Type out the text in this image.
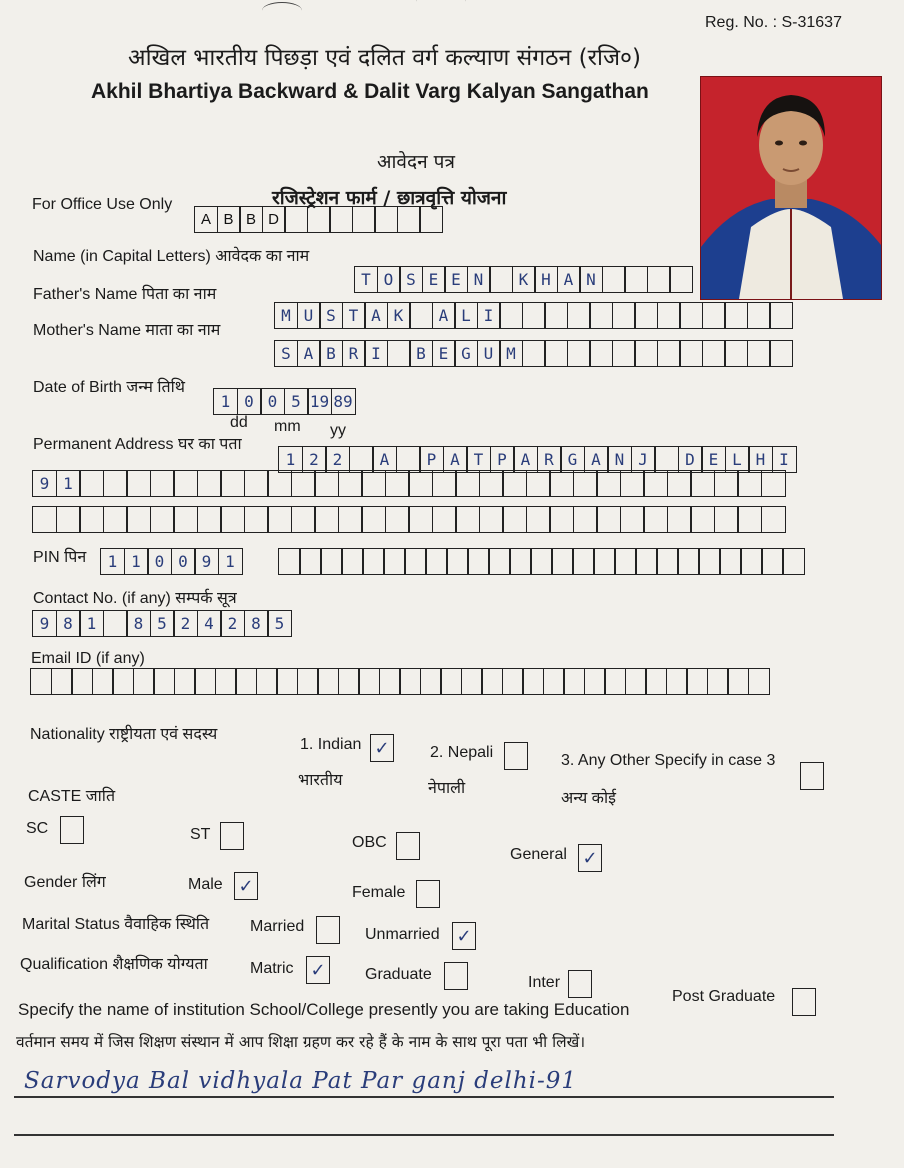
Reg. No. : S-31637
अखिल भारतीय पिछड़ा एवं दलित वर्ग कल्याण संगठन (रजि०)
Akhil Bhartiya Backward & Dalit Varg Kalyan Sangathan
आवेदन पत्र
रजिस्ट्रेशन फार्म / छात्रवृत्ति योजना
For Office Use Only
A B B D
Name (in Capital Letters) आवेदक का नाम
T O S E E N	K H A N
Father's Name पिता का नाम
M U S T A K	A L I
Mother's Name माता का नाम
S A B R I	B E G U M
Date of Birth जन्म तिथि
1 0 0 5 19 89
dd mm yy
Permanent Address घर का पता
1 2 2	A	P A T P A R G A N J	D E L H I
9 1
PIN पिन	1 1 0 0 9 1
Contact No. (if any) सम्पर्क सूत्र
9 8 1	8 5 2 4 2 8 5
Email ID (if any)
Nationality राष्ट्रीयता एवं सदस्य
1. Indian ✓
भारतीय
2. Nepali
नेपाली
3. Any Other Specify in case 3
अन्य कोई
CASTE जाति
SC	ST	OBC
General ✓
Gender लिंग	Male ✓	Female
Marital Status वैवाहिक स्थिति	Married	Unmarried ✓
Qualification शैक्षणिक योग्यता	Matric ✓ Graduate	Inter
Post Graduate
Specify the name of institution School/College presently you are taking Education
वर्तमान समय में जिस शिक्षण संस्थान में आप शिक्षा ग्रहण कर रहे हैं के नाम के साथ पूरा पता भी लिखें।
Sarvodya Bal vidhyala Pat Par ganj delhi-91
